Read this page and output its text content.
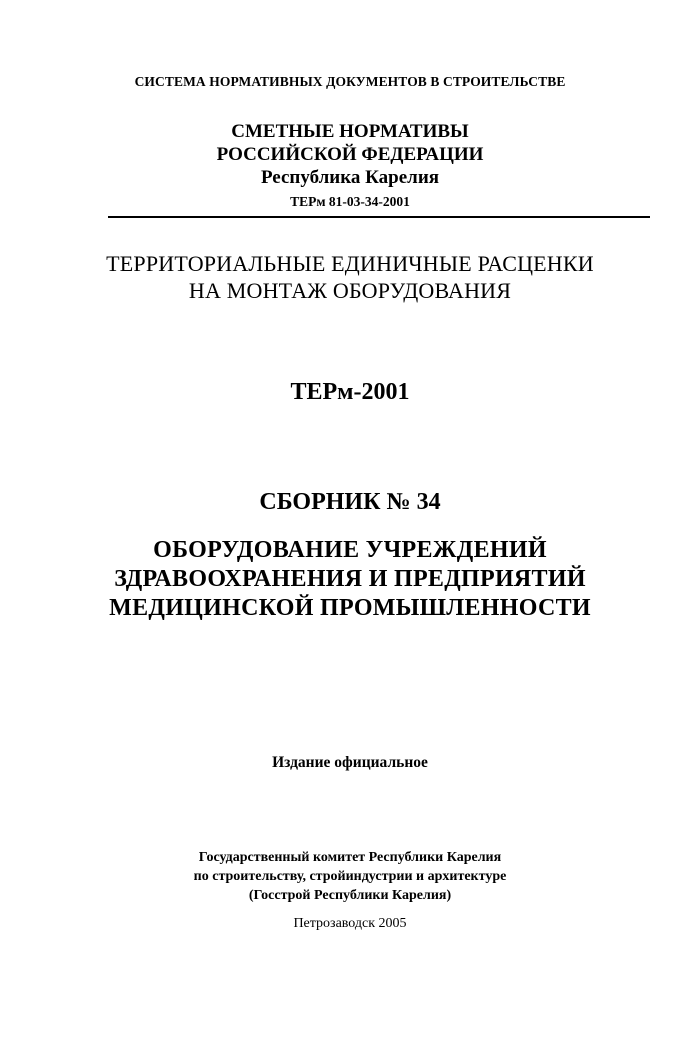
СИСТЕМА НОРМАТИВНЫХ ДОКУМЕНТОВ В СТРОИТЕЛЬСТВЕ
СМЕТНЫЕ НОРМАТИВЫ
РОССИЙСКОЙ ФЕДЕРАЦИИ
Республика Карелия
ТЕРм 81-03-34-2001
ТЕРРИТОРИАЛЬНЫЕ ЕДИНИЧНЫЕ РАСЦЕНКИ
НА МОНТАЖ ОБОРУДОВАНИЯ
ТЕРм-2001
СБОРНИК № 34
ОБОРУДОВАНИЕ УЧРЕЖДЕНИЙ
ЗДРАВООХРАНЕНИЯ И ПРЕДПРИЯТИЙ
МЕДИЦИНСКОЙ ПРОМЫШЛЕННОСТИ
Издание официальное
Государственный комитет Республики Карелия
по строительству, стройиндустрии и архитектуре
(Госстрой Республики Карелия)
Петрозаводск 2005
